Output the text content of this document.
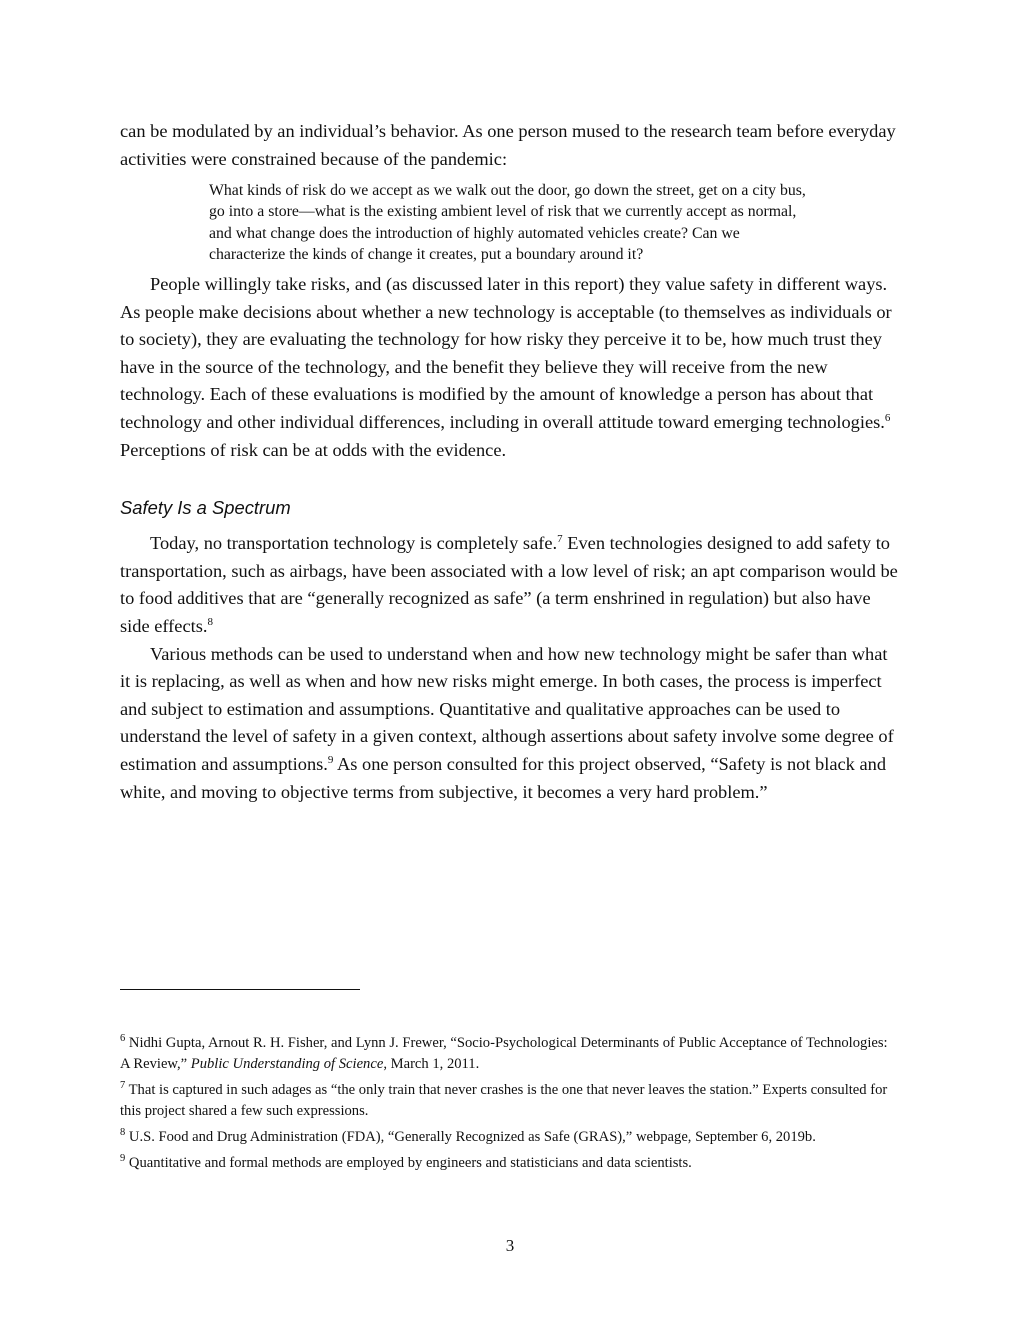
can be modulated by an individual’s behavior. As one person mused to the research team before everyday activities were constrained because of the pandemic:

What kinds of risk do we accept as we walk out the door, go down the street, get on a city bus, go into a store—what is the existing ambient level of risk that we currently accept as normal, and what change does the introduction of highly automated vehicles create? Can we characterize the kinds of change it creates, put a boundary around it?

People willingly take risks, and (as discussed later in this report) they value safety in different ways. As people make decisions about whether a new technology is acceptable (to themselves as individuals or to society), they are evaluating the technology for how risky they perceive it to be, how much trust they have in the source of the technology, and the benefit they believe they will receive from the new technology. Each of these evaluations is modified by the amount of knowledge a person has about that technology and other individual differences, including in overall attitude toward emerging technologies.$^6$ Perceptions of risk can be at odds with the evidence.

Safety Is a Spectrum

Today, no transportation technology is completely safe.$^7$ Even technologies designed to add safety to transportation, such as airbags, have been associated with a low level of risk; an apt comparison would be to food additives that are “generally recognized as safe” (a term enshrined in regulation) but also have side effects.$^8$

Various methods can be used to understand when and how new technology might be safer than what it is replacing, as well as when and how new risks might emerge. In both cases, the process is imperfect and subject to estimation and assumptions. Quantitative and qualitative approaches can be used to understand the level of safety in a given context, although assertions about safety involve some degree of estimation and assumptions.$^9$ As one person consulted for this project observed, “Safety is not black and white, and moving to objective terms from subjective, it becomes a very hard problem.”

$^6$ Nidhi Gupta, Arnout R. H. Fisher, and Lynn J. Frewer, “Socio-Psychological Determinants of Public Acceptance of Technologies: A Review,” Public Understanding of Science, March 1, 2011.

$^7$ That is captured in such adages as “the only train that never crashes is the one that never leaves the station.” Experts consulted for this project shared a few such expressions.

$^8$ U.S. Food and Drug Administration (FDA), “Generally Recognized as Safe (GRAS),” webpage, September 6, 2019b.

$^9$ Quantitative and formal methods are employed by engineers and statisticians and data scientists.

3
